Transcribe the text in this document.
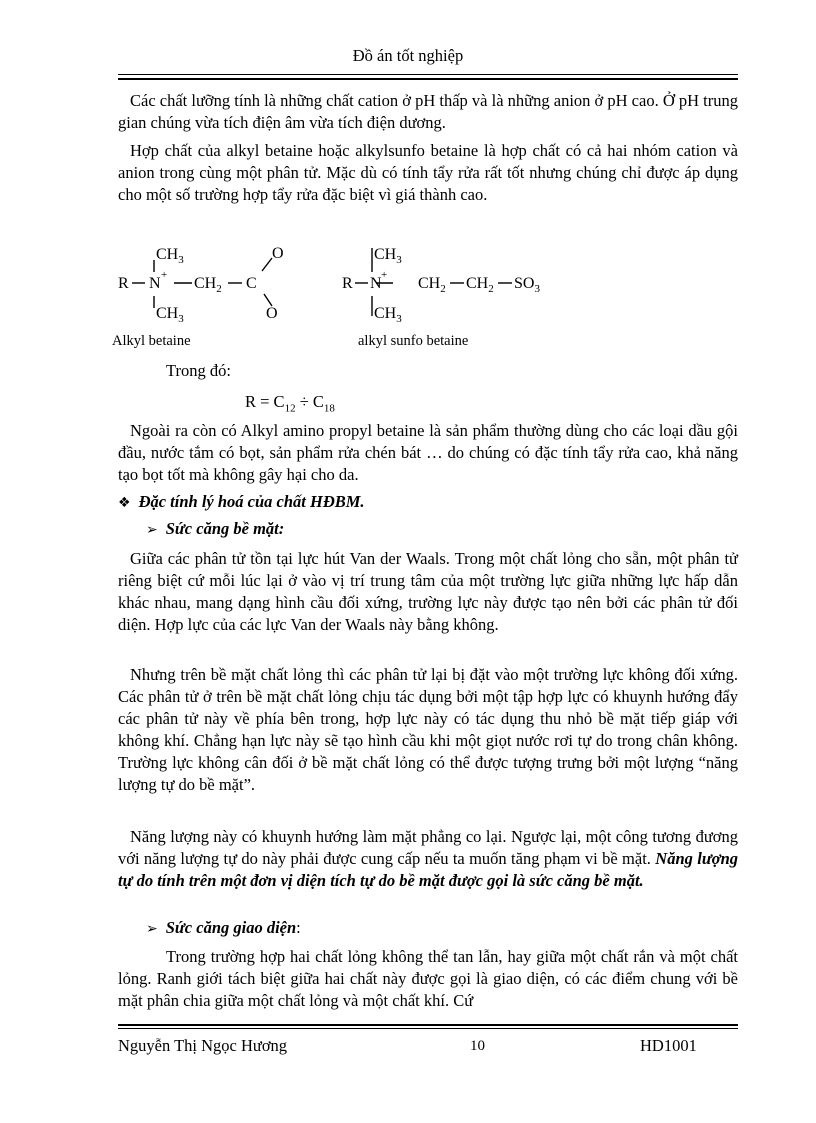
Đồ án tốt nghiệp

Các chất lưỡng tính là những chất cation ở pH thấp và là những anion ở pH cao. Ở pH trung gian chúng vừa tích điện âm vừa tích điện dương.

Hợp chất của alkyl betaine hoặc alkylsunfo betaine là hợp chất có cả hai nhóm cation và anion trong cùng một phân tử. Mặc dù có tính tẩy rửa rất tốt nhưng chúng chỉ được áp dụng cho một số trường hợp tẩy rửa đặc biệt vì giá thành cao.

$CH_3$
R $N + CH_2$ C
O
O
$CH_3$
$CH_3$
R $N + CH_2$ $CH_2$ $SO_3$
$CH_3$
Alkyl betaine	alkyl sunfo betaine
Trong đó:
$R = C_{12} \div C_{18}$

Ngoài ra còn có Alkyl amino propyl betaine là sản phẩm thường dùng cho các loại dầu gội đầu, nước tắm có bọt, sản phẩm rửa chén bát … do chúng có đặc tính tẩy rửa cao, khả năng tạo bọt tốt mà không gây hại cho da.

❖ Đặc tính lý hoá của chất HĐBM.
➢ Sức căng bề mặt:

Giữa các phân tử tồn tại lực hút Van der Waals. Trong một chất lỏng cho sẵn, một phân tử riêng biệt cứ mỗi lúc lại ở vào vị trí trung tâm của một trường lực giữa những lực hấp dẫn khác nhau, mang dạng hình cầu đối xứng, trường lực này được tạo nên bởi các phân tử đối diện. Hợp lực của các lực Van der Waals này bằng không.

Nhưng trên bề mặt chất lỏng thì các phân tử lại bị đặt vào một trường lực không đối xứng. Các phân tử ở trên bề mặt chất lỏng chịu tác dụng bởi một tập hợp lực có khuynh hướng đẩy các phân tử này về phía bên trong, hợp lực này có tác dụng thu nhỏ bề mặt tiếp giáp với không khí. Chẳng hạn lực này sẽ tạo hình cầu khi một giọt nước rơi tự do trong chân không. Trường lực không cân đối ở bề mặt chất lỏng có thể được tượng trưng bởi một lượng “năng lượng tự do bề mặt”.

Năng lượng này có khuynh hướng làm mặt phẳng co lại. Ngược lại, một công tương đương với năng lượng tự do này phải được cung cấp nếu ta muốn tăng phạm vi bề mặt. Năng lượng tự do tính trên một đơn vị diện tích tự do bề mặt được gọi là sức căng bề mặt.

➢ Sức căng giao diện:

Trong trường hợp hai chất lỏng không thể tan lẫn, hay giữa một chất rắn và một chất lỏng. Ranh giới tách biệt giữa hai chất này được gọi là giao diện, có các điểm chung với bề mặt phân chia giữa một chất lỏng và một chất khí. Cứ

Nguyễn Thị Ngọc Hương	10	HD1001
